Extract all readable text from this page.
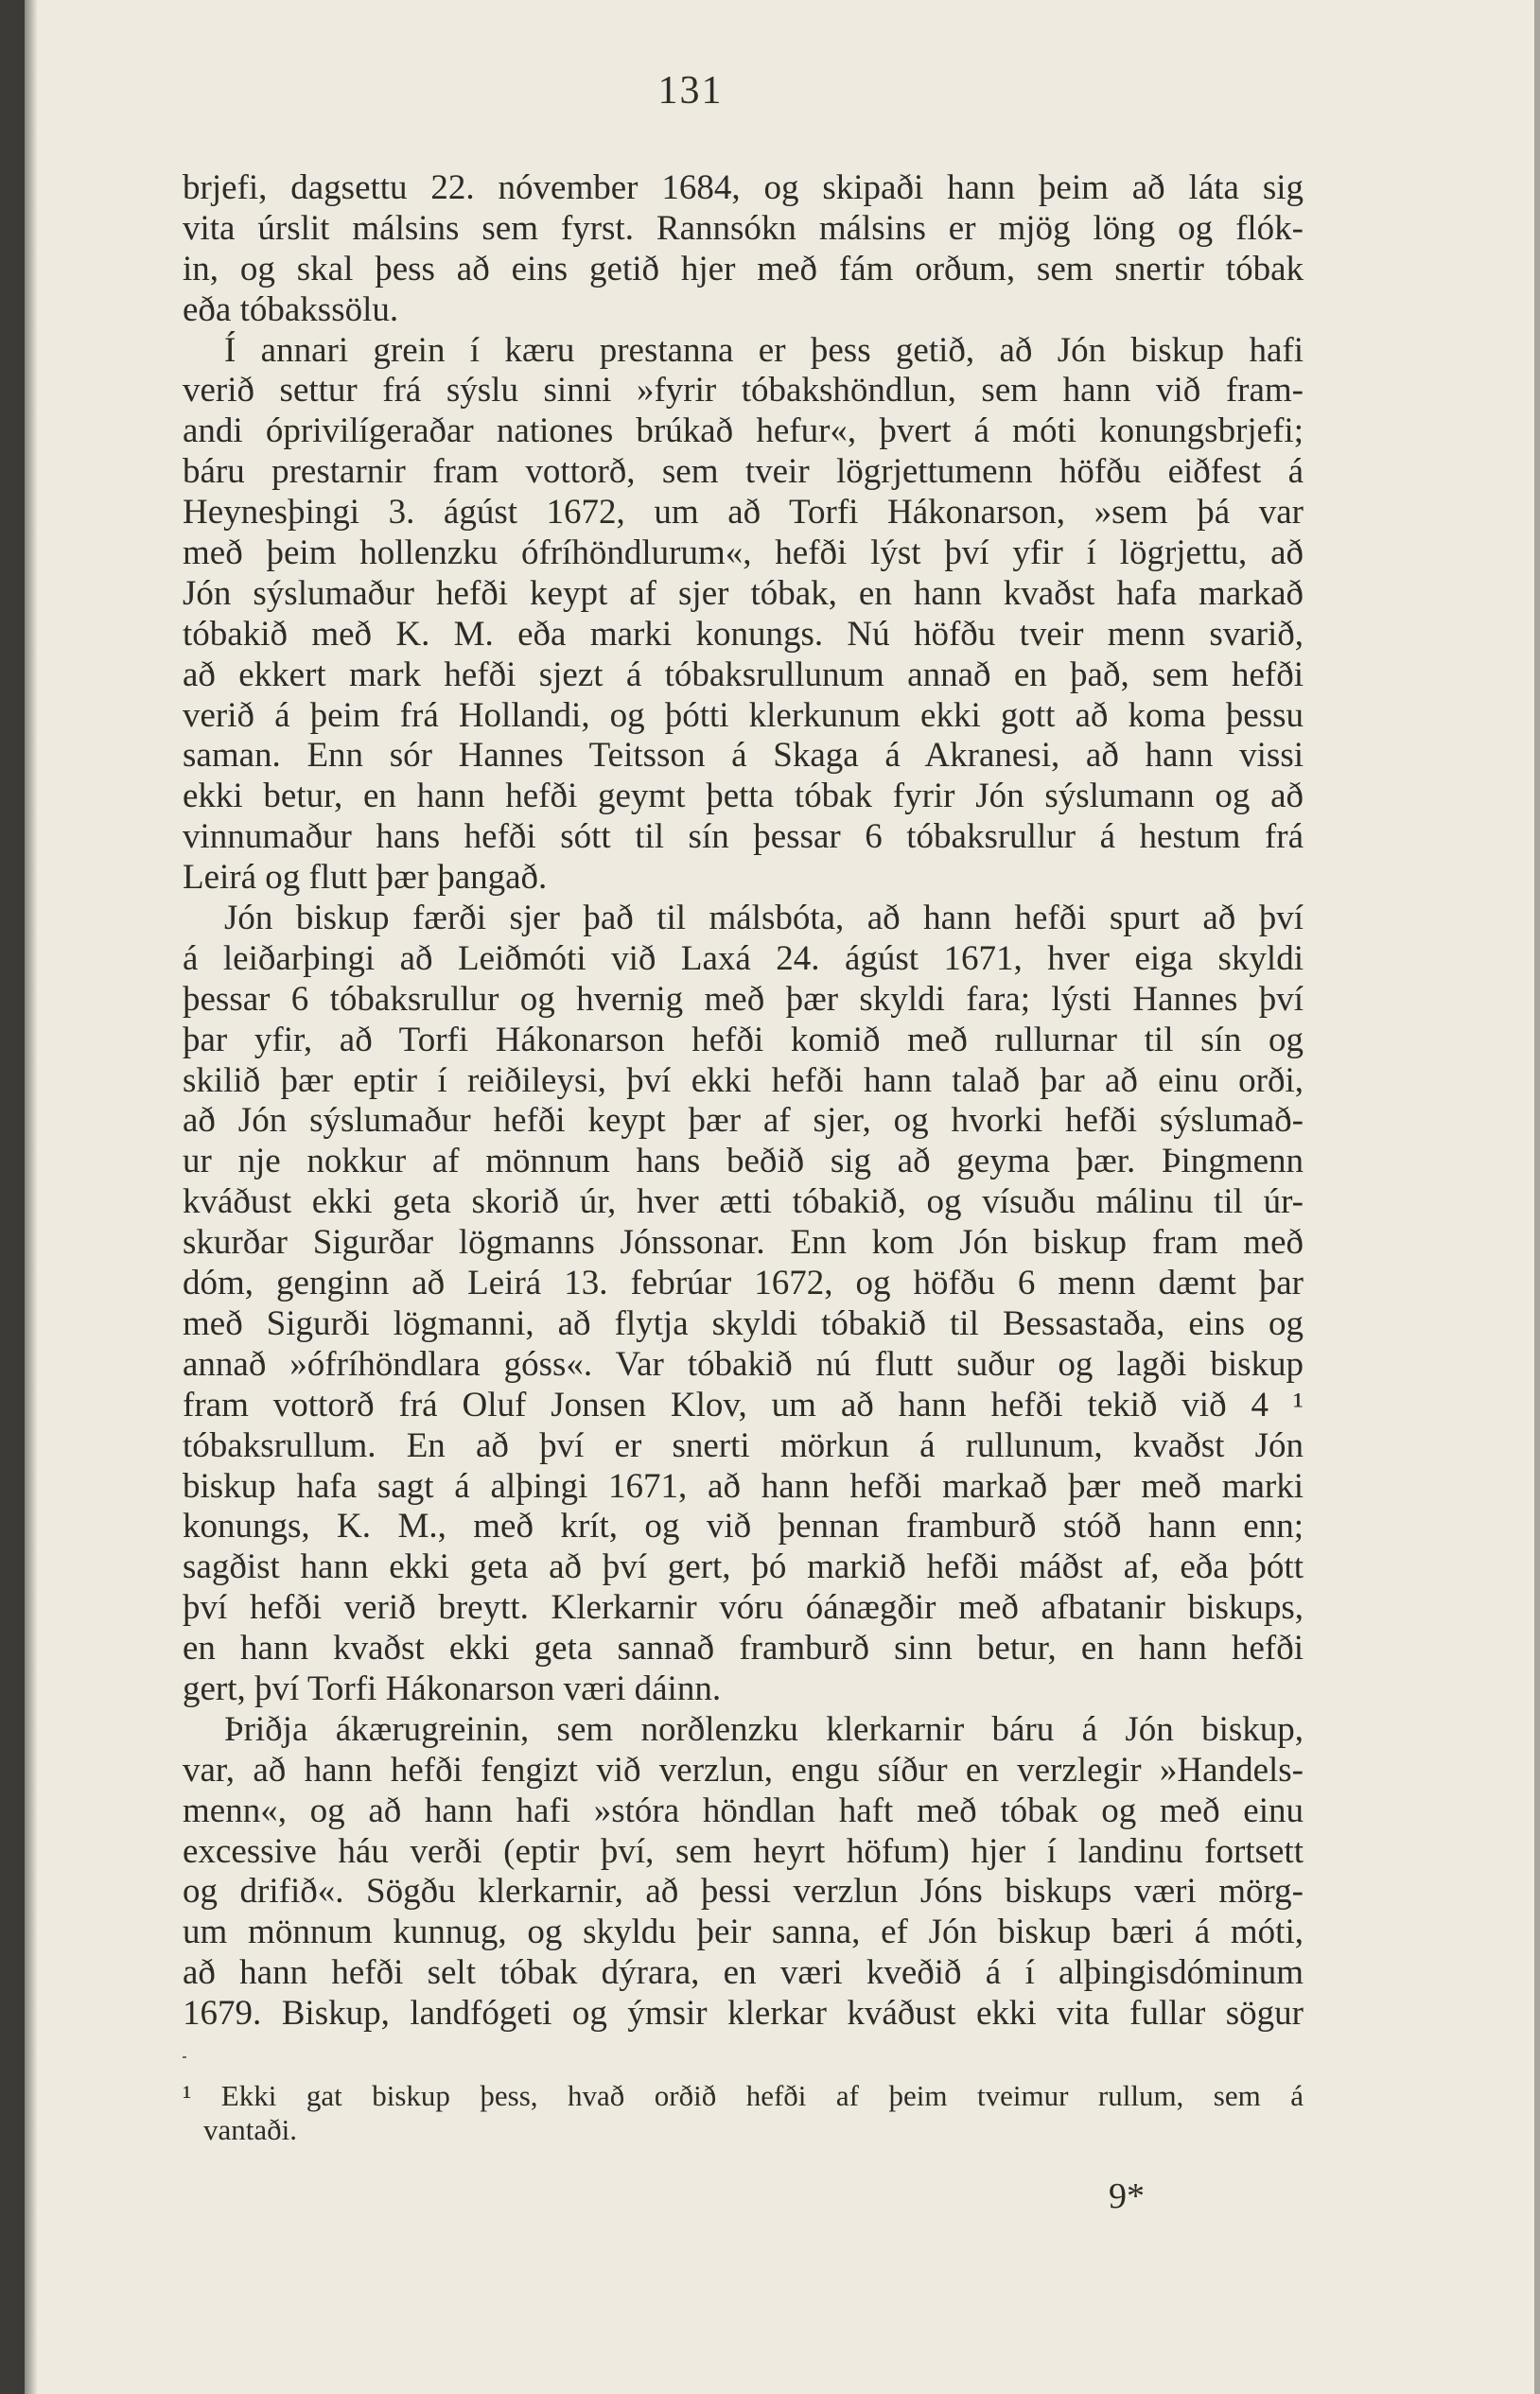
131
brjefi, dagsettu 22. nóvember 1684, og skipaði hann þeim að láta sig
vita úrslit málsins sem fyrst. Rannsókn málsins er mjög löng og flók-
in, og skal þess að eins getið hjer með fám orðum, sem snertir tóbak
eða tóbakssölu.
Í annari grein í kæru prestanna er þess getið, að Jón biskup hafi
verið settur frá sýslu sinni »fyrir tóbakshöndlun, sem hann við fram-
andi óprivilígeraðar nationes brúkað hefur«, þvert á móti konungsbrjefi;
báru prestarnir fram vottorð, sem tveir lögrjettumenn höfðu eiðfest á
Heynesþingi 3. ágúst 1672, um að Torfi Hákonarson, »sem þá var
með þeim hollenzku ófríhöndlurum«, hefði lýst því yfir í lögrjettu, að
Jón sýslumaður hefði keypt af sjer tóbak, en hann kvaðst hafa markað
tóbakið með K. M. eða marki konungs. Nú höfðu tveir menn svarið,
að ekkert mark hefði sjezt á tóbaksrullunum annað en það, sem hefði
verið á þeim frá Hollandi, og þótti klerkunum ekki gott að koma þessu
saman. Enn sór Hannes Teitsson á Skaga á Akranesi, að hann vissi
ekki betur, en hann hefði geymt þetta tóbak fyrir Jón sýslumann og að
vinnumaður hans hefði sótt til sín þessar 6 tóbaksrullur á hestum frá
Leirá og flutt þær þangað.
Jón biskup færði sjer það til málsbóta, að hann hefði spurt að því
á leiðarþingi að Leiðmóti við Laxá 24. ágúst 1671, hver eiga skyldi
þessar 6 tóbaksrullur og hvernig með þær skyldi fara; lýsti Hannes því
þar yfir, að Torfi Hákonarson hefði komið með rullurnar til sín og
skilið þær eptir í reiðileysi, því ekki hefði hann talað þar að einu orði,
að Jón sýslumaður hefði keypt þær af sjer, og hvorki hefði sýslumað-
ur nje nokkur af mönnum hans beðið sig að geyma þær. Þingmenn
kváðust ekki geta skorið úr, hver ætti tóbakið, og vísuðu málinu til úr-
skurðar Sigurðar lögmanns Jónssonar. Enn kom Jón biskup fram með
dóm, genginn að Leirá 13. febrúar 1672, og höfðu 6 menn dæmt þar
með Sigurði lögmanni, að flytja skyldi tóbakið til Bessastaða, eins og
annað »ófríhöndlara góss«. Var tóbakið nú flutt suður og lagði biskup
fram vottorð frá Oluf Jonsen Klov, um að hann hefði tekið við 4 ¹
tóbaksrullum. En að því er snerti mörkun á rullunum, kvaðst Jón
biskup hafa sagt á alþingi 1671, að hann hefði markað þær með marki
konungs, K. M., með krít, og við þennan framburð stóð hann enn;
sagðist hann ekki geta að því gert, þó markið hefði máðst af, eða þótt
því hefði verið breytt. Klerkarnir vóru óánægðir með afbatanir biskups,
en hann kvaðst ekki geta sannað framburð sinn betur, en hann hefði
gert, því Torfi Hákonarson væri dáinn.
Þriðja ákærugreinin, sem norðlenzku klerkarnir báru á Jón biskup,
var, að hann hefði fengizt við verzlun, engu síður en verzlegir »Handels-
menn«, og að hann hafi »stóra höndlan haft með tóbak og með einu
excessive háu verði (eptir því, sem heyrt höfum) hjer í landinu fortsett
og drifið«. Sögðu klerkarnir, að þessi verzlun Jóns biskups væri mörg-
um mönnum kunnug, og skyldu þeir sanna, ef Jón biskup bæri á móti,
að hann hefði selt tóbak dýrara, en væri kveðið á í alþingisdóminum
1679. Biskup, landfógeti og ýmsir klerkar kváðust ekki vita fullar sögur
¹ Ekki gat biskup þess, hvað orðið hefði af þeim tveimur rullum, sem á
vantaði.
9*
